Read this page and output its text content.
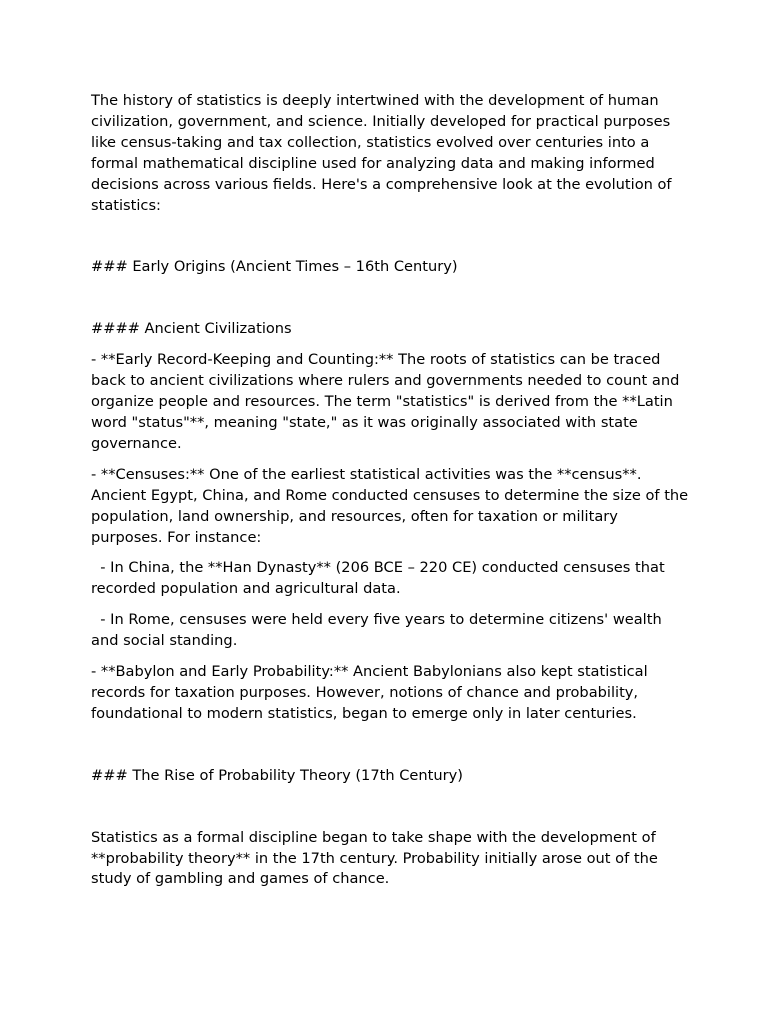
The history of statistics is deeply intertwined with the development of human civilization, government, and science. Initially developed for practical purposes like census-taking and tax collection, statistics evolved over centuries into a formal mathematical discipline used for analyzing data and making informed decisions across various fields. Here's a comprehensive look at the evolution of statistics:

### Early Origins (Ancient Times – 16th Century)

#### Ancient Civilizations

- **Early Record-Keeping and Counting:** The roots of statistics can be traced back to ancient civilizations where rulers and governments needed to count and organize people and resources. The term "statistics" is derived from the **Latin word "status"**, meaning "state," as it was originally associated with state governance.

- **Censuses:** One of the earliest statistical activities was the **census**. Ancient Egypt, China, and Rome conducted censuses to determine the size of the population, land ownership, and resources, often for taxation or military purposes. For instance:

- In China, the **Han Dynasty** (206 BCE – 220 CE) conducted censuses that recorded population and agricultural data.

- In Rome, censuses were held every five years to determine citizens' wealth and social standing.

- **Babylon and Early Probability:** Ancient Babylonians also kept statistical records for taxation purposes. However, notions of chance and probability, foundational to modern statistics, began to emerge only in later centuries.

### The Rise of Probability Theory (17th Century)

Statistics as a formal discipline began to take shape with the development of **probability theory** in the 17th century. Probability initially arose out of the study of gambling and games of chance.
